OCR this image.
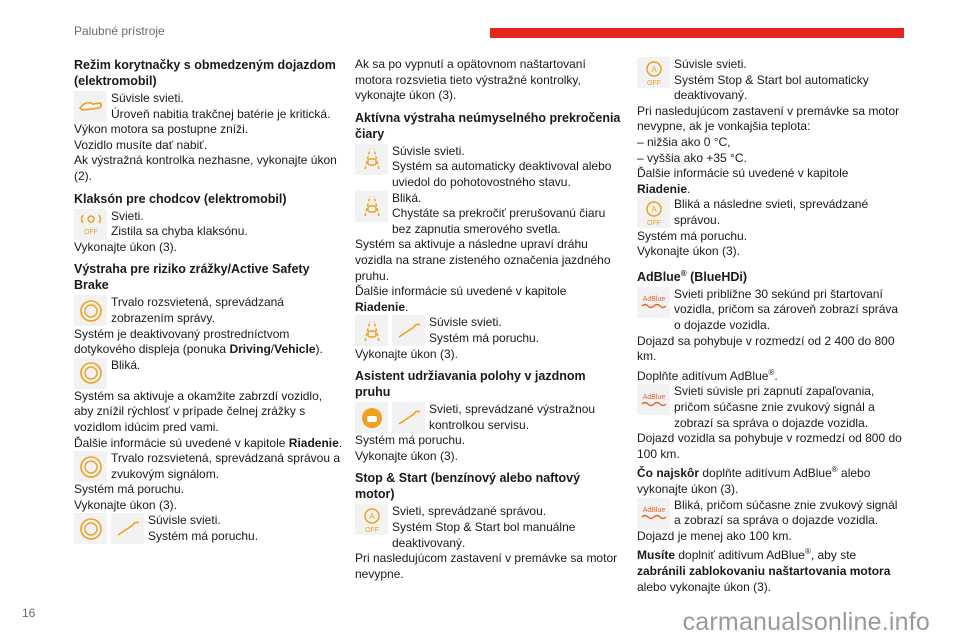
Palubné prístroje

Režim korytnačky s obmedzeným dojazdom (elektromobil)

Súvisle svieti.

Úroveň nabitia trakčnej batérie je kritická.

Výkon motora sa postupne zníži.

Vozidlo musíte dať nabiť.

Ak výstražná kontrolka nezhasne, vykonajte úkon (2).

Klaksón pre chodcov (elektromobil)

OFF

Svieti.

Zistila sa chyba klaksónu.

Vykonajte úkon (3).

Výstraha pre riziko zrážky/Active Safety Brake

Trvalo rozsvietená, sprevádzaná zobrazením správy.

Systém je deaktivovaný prostredníctvom dotykového displeja (ponuka Driving/Vehicle).

Bliká.

Systém sa aktivuje a okamžite zabrzdí vozidlo, aby znížil rýchlosť v prípade čelnej zrážky s vozidlom idúcim pred vami.

Ďalšie informácie sú uvedené v kapitole Riadenie.

Trvalo rozsvietená, sprevádzaná správou a zvukovým signálom.

Systém má poruchu.

Vykonajte úkon (3).

Súvisle svieti.

Systém má poruchu.

Ak sa po vypnutí a opätovnom naštartovaní motora rozsvietia tieto výstražné kontrolky, vykonajte úkon (3).

Aktívna výstraha neúmyselného prekročenia čiary

Súvisle svieti.

Systém sa automaticky deaktivoval alebo uviedol do pohotovostného stavu.

Bliká.

Chystáte sa prekročiť prerušovanú čiaru bez zapnutia smerového svetla.

Systém sa aktivuje a následne upraví dráhu vozidla na strane zisteného označenia jazdného pruhu.

Ďalšie informácie sú uvedené v kapitole Riadenie.

Súvisle svieti.

Systém má poruchu.

Vykonajte úkon (3).

Asistent udržiavania polohy v jazdnom pruhu

Svieti, sprevádzané výstražnou kontrolkou servisu.

Systém má poruchu.

Vykonajte úkon (3).

Stop & Start (benzínový alebo naftový motor)

A
OFF

Svieti, sprevádzané správou.

Systém Stop & Start bol manuálne deaktivovaný.

Pri nasledujúcom zastavení v premávke sa motor nevypne.

A
OFF

Súvisle svieti.

Systém Stop & Start bol automaticky deaktivovaný.

Pri nasledujúcom zastavení v premávke sa motor nevypne, ak je vonkajšia teplota:

– nižšia ako 0 °C,

– vyššia ako +35 °C.

Ďalšie informácie sú uvedené v kapitole

Riadenie.

A
OFF

Bliká a následne svieti, sprevádzané správou.

Systém má poruchu.

Vykonajte úkon (3).

AdBlue® (BlueHDi)

AdBlue Svieti približne 30 sekúnd pri štartovaní vozidla, pričom sa zároveň zobrazí správa o dojazde vozidla.

Dojazd sa pohybuje v rozmedzí od 2 400 do 800 km.

Doplňte aditívum AdBlue®.

AdBlue Svieti súvisle pri zapnutí zapaľovania, pričom súčasne znie zvukový signál a zobrazí sa správa o dojazde vozidla.

Dojazd vozidla sa pohybuje v rozmedzí od 800 do 100 km.

Čo najskôr doplňte aditívum AdBlue® alebo vykonajte úkon (3).

AdBlue Bliká, pričom súčasne znie zvukový signál a zobrazí sa správa o dojazde vozidla.

Dojazd je menej ako 100 km.

Musíte doplniť aditívum AdBlue®, aby ste zabránili zablokovaniu naštartovania motora alebo vykonajte úkon (3).

16	carmanualsonline.info
